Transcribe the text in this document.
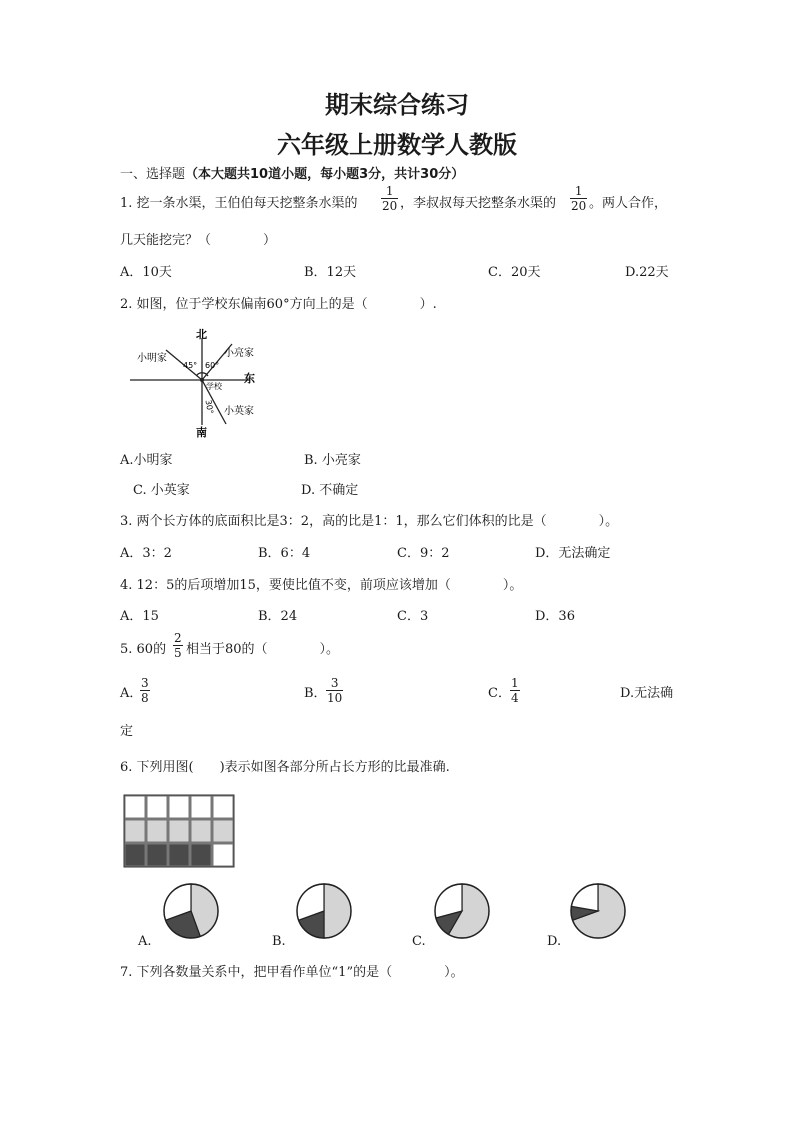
期末综合练习
六年级上册数学人教版
一、选择题（本大题共10道小题，每小题3分，共计30分）
1. 挖一条水渠，王伯伯每天挖整条水渠的 $\frac{1}{20}$ ，李叔叔每天挖整条水渠的 $\frac{1}{20}$ 。两人合作，
几天能挖完？（　　　　）
A．10天	B．12天	C．20天	D.22天
2. 如图，位于学校东偏南60°方向上的是（　　　　）.
北
南
东
学校
小明家	小亮家
小英家
45° 60°
30°
A.小明家	B. 小亮家
C. 小英家	D. 不确定
3. 两个长方体的底面积比是3：2，高的比是1：1，那么它们体积的比是（　　　　）。
A．3：2	B．6：4	C．9：2	D．无法确定
4. 12：5的后项增加15，要使比值不变，前项应该增加（　　　　）。
A．15	B．24	C．3	D．36
5. 60的 $\frac{2}{5}$ 相当于80的（　　　　）。
A．
$\frac{3}{8}$	B． $\frac{3}{10}$	C． $\frac{1}{4}$	D.无法确
定
6. 下列用图(　　)表示如图各部分所占长方形的比最准确.
A.	B.	C.	D.
7. 下列各数量关系中，把甲看作单位“1”的是（　　　　）。
